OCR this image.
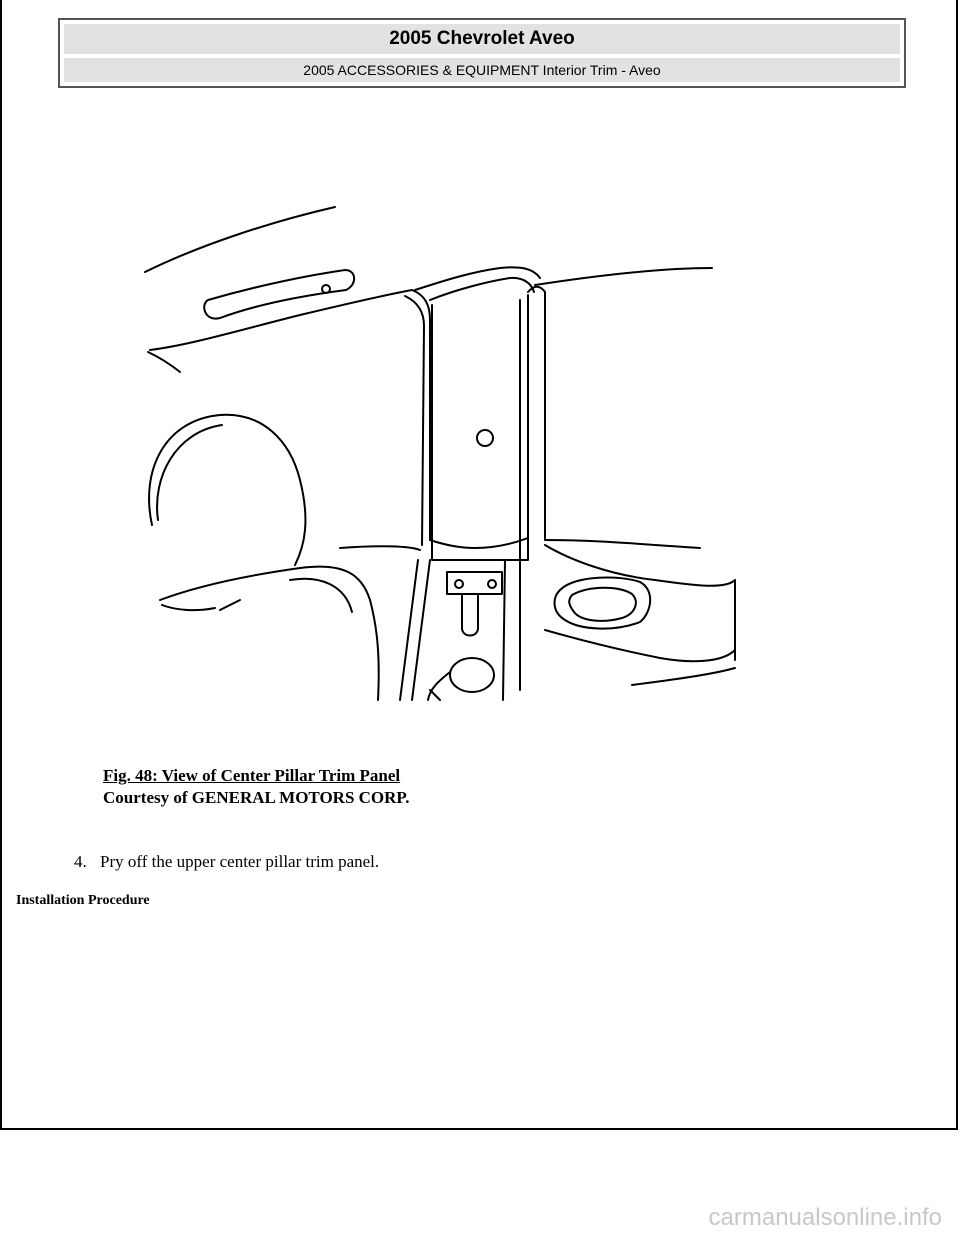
2005 Chevrolet Aveo
2005 ACCESSORIES & EQUIPMENT Interior Trim - Aveo
Fig. 48: View of Center Pillar Trim Panel
Courtesy of GENERAL MOTORS CORP.
4. Pry off the upper center pillar trim panel.
Installation Procedure
carmanualsonline.info
